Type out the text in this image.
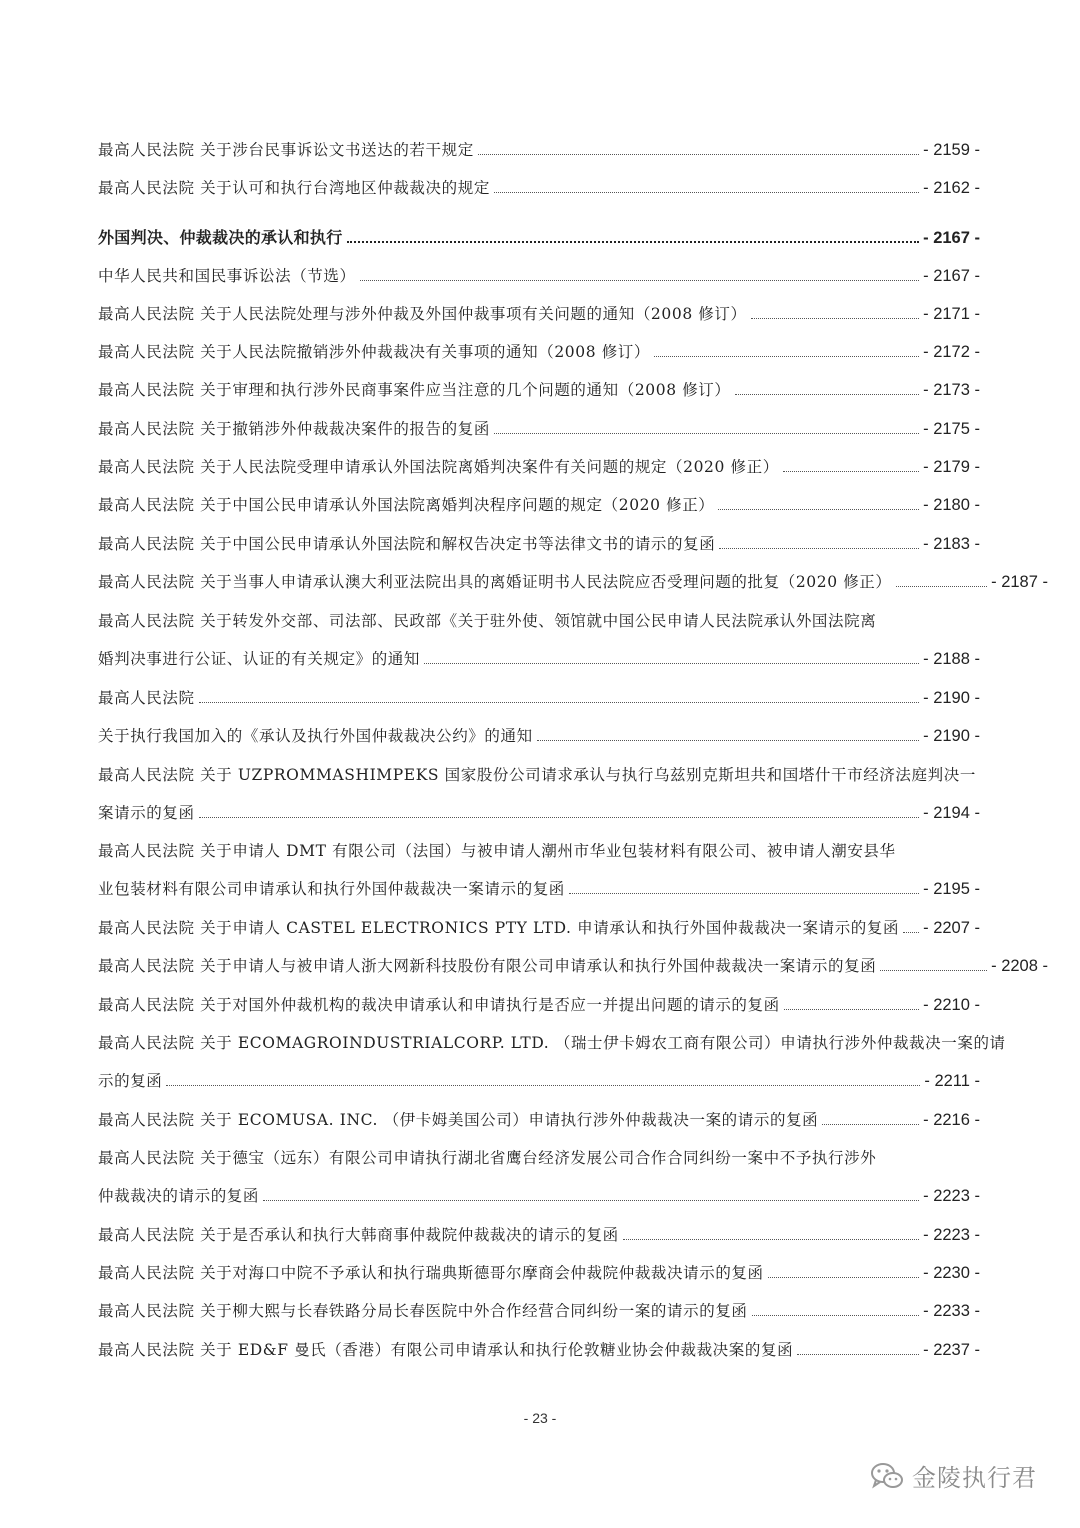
最高人民法院 关于涉台民事诉讼文书送达的若干规定	- 2159 -
最高人民法院 关于认可和执行台湾地区仲裁裁决的规定	- 2162 -
外国判决、仲裁裁决的承认和执行	- 2167 -
中华人民共和国民事诉讼法（节选）	- 2167 -
最高人民法院 关于人民法院处理与涉外仲裁及外国仲裁事项有关问题的通知（2008 修订）	- 2171 -
最高人民法院 关于人民法院撤销涉外仲裁裁决有关事项的通知（2008 修订）	- 2172 -
最高人民法院 关于审理和执行涉外民商事案件应当注意的几个问题的通知（2008 修订）	- 2173 -
最高人民法院 关于撤销涉外仲裁裁决案件的报告的复函	- 2175 -
最高人民法院 关于人民法院受理申请承认外国法院离婚判决案件有关问题的规定（2020 修正）	- 2179 -
最高人民法院 关于中国公民申请承认外国法院离婚判决程序问题的规定（2020 修正）	- 2180 -
最高人民法院 关于中国公民申请承认外国法院和解权告决定书等法律文书的请示的复函	- 2183 -
最高人民法院 关于当事人申请承认澳大利亚法院出具的离婚证明书人民法院应否受理问题的批复（2020 修正）	- 2187 -
最高人民法院 关于转发外交部、司法部、民政部《关于驻外使、领馆就中国公民申请人民法院承认外国法院离
婚判决事进行公证、认证的有关规定》的通知	- 2188 -
最高人民法院	- 2190 -
关于执行我国加入的《承认及执行外国仲裁裁决公约》的通知	- 2190 -
最高人民法院 关于 UZPROMMASHIMPEKS 国家股份公司请求承认与执行乌兹别克斯坦共和国塔什干市经济法庭判决一
案请示的复函	- 2194 -
最高人民法院 关于申请人 DMT 有限公司（法国）与被申请人潮州市华业包装材料有限公司、被申请人潮安县华
业包装材料有限公司申请承认和执行外国仲裁裁决一案请示的复函	- 2195 -
最高人民法院 关于申请人 CASTEL ELECTRONICS PTY LTD. 申请承认和执行外国仲裁裁决一案请示的复函 - 2207 -
最高人民法院 关于申请人与被申请人浙大网新科技股份有限公司申请承认和执行外国仲裁裁决一案请示的复函	- 2208 -
最高人民法院 关于对国外仲裁机构的裁决申请承认和申请执行是否应一并提出问题的请示的复函	- 2210 -
最高人民法院 关于 ECOMAGROINDUSTRIALCORP. LTD. （瑞士伊卡姆农工商有限公司）申请执行涉外仲裁裁决一案的请
示的复函	- 2211 -
最高人民法院 关于 ECOMUSA. INC. （伊卡姆美国公司）申请执行涉外仲裁裁决一案的请示的复函	- 2216 -
最高人民法院 关于德宝（远东）有限公司申请执行湖北省鹰台经济发展公司合作合同纠纷一案中不予执行涉外
仲裁裁决的请示的复函	- 2223 -
最高人民法院 关于是否承认和执行大韩商事仲裁院仲裁裁决的请示的复函	- 2223 -
最高人民法院 关于对海口中院不予承认和执行瑞典斯德哥尔摩商会仲裁院仲裁裁决请示的复函	- 2230 -
最高人民法院 关于柳大熙与长春铁路分局长春医院中外合作经营合同纠纷一案的请示的复函	- 2233 -
最高人民法院 关于 ED&F 曼氏（香港）有限公司申请承认和执行伦敦糖业协会仲裁裁决案的复函	- 2237 -
- 23 -
金陵执行君
